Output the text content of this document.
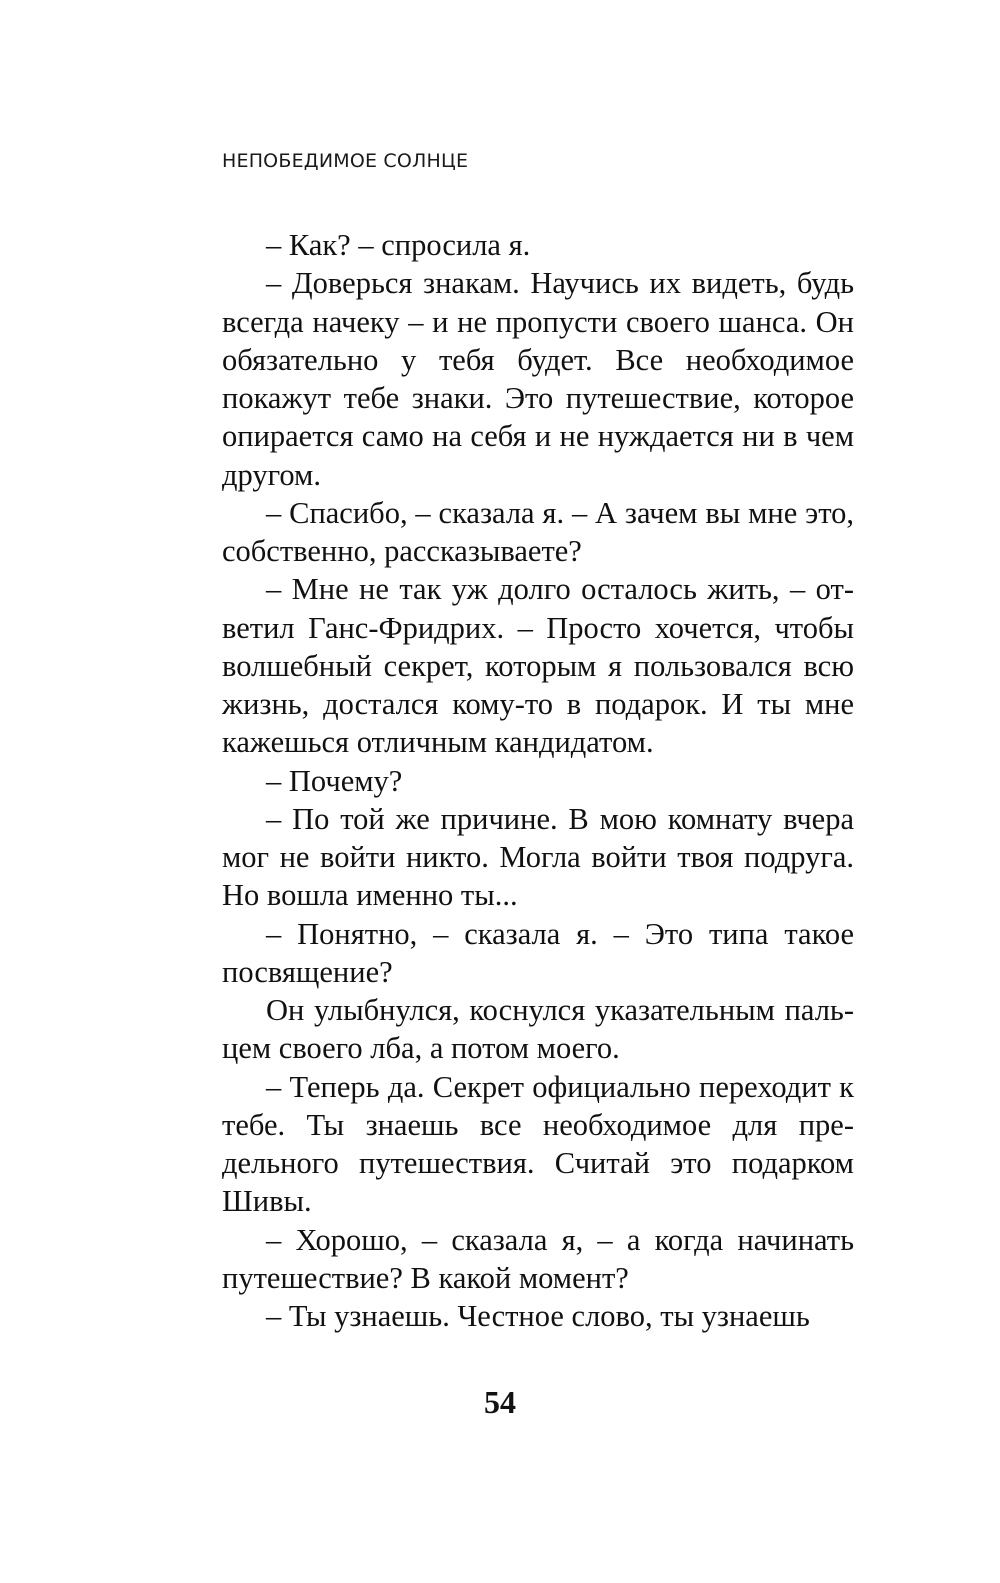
НЕПОБЕДИМОЕ СОЛНЦЕ

– Как? – спросила я.

– Доверься знакам. Научись их видеть, будь всегда начеку – и не пропусти своего шанса. Он обязательно у тебя будет. Все необходимое покажут тебе знаки. Это путешествие, которое опирается само на себя и не нуждается ни в чем другом.

– Спасибо, – сказала я. – А зачем вы мне это, собственно, рассказываете?

– Мне не так уж долго осталось жить, – ответил Ганс-Фридрих. – Просто хочется, чтобы волшебный секрет, которым я пользовался всю жизнь, достался кому-то в подарок. И ты мне кажешься отличным кандидатом.

– Почему?

– По той же причине. В мою комнату вчера мог не войти никто. Могла войти твоя подруга. Но вошла именно ты...

– Понятно, – сказала я. – Это типа такое посвящение?

Он улыбнулся, коснулся указательным пальцем своего лба, а потом моего.

– Теперь да. Секрет официально переходит к тебе. Ты знаешь все необходимое для предельного путешествия. Считай это подарком Шивы.

– Хорошо, – сказала я, – а когда начинать путешествие? В какой момент?

– Ты узнаешь. Честное слово, ты узнаешь

54
